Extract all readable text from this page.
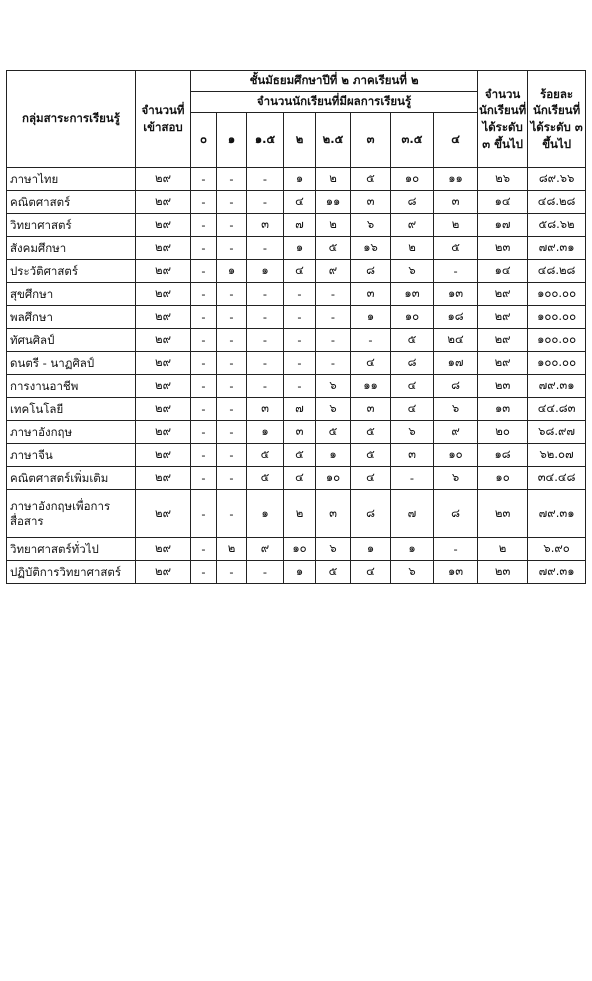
กลุ่มสาระการเรียนรู้	จำนวนที่เข้าสอบ	ชั้นมัธยมศึกษาปีที่ ๒ ภาคเรียนที่ ๒								จำนวนนักเรียนที่ได้ระดับ ๓ ขึ้นไป	ร้อยละนักเรียนที่ได้ระดับ ๓ ขึ้นไป
		จำนวนนักเรียนที่มีผลการเรียนรู้									
		๐	๑	๑.๕	๒	๒.๕	๓	๓.๕	๔		
ภาษาไทย	๒๙	-	-	-	๑	๒	๕	๑๐	๑๑	๒๖	๘๙.๖๖
คณิตศาสตร์	๒๙	-	-	-	๔	๑๑	๓	๘	๓	๑๔	๔๘.๒๘
วิทยาศาสตร์	๒๙	-	-	๓	๗	๒	๖	๙	๒	๑๗	๕๘.๖๒
สังคมศึกษา	๒๙	-	-	-	๑	๕	๑๖	๒	๕	๒๓	๗๙.๓๑
ประวัติศาสตร์	๒๙	-	๑	๑	๔	๙	๘	๖	-	๑๔	๔๘.๒๘
สุขศึกษา	๒๙	-	-	-	-	-	๓	๑๓	๑๓	๒๙	๑๐๐.๐๐
พลศึกษา	๒๙	-	-	-	-	-	๑	๑๐	๑๘	๒๙	๑๐๐.๐๐
ทัศนศิลป์	๒๙	-	-	-	-	-	-	๕	๒๔	๒๙	๑๐๐.๐๐
ดนตรี - นาฏศิลป์	๒๙	-	-	-	-	-	๔	๘	๑๗	๒๙	๑๐๐.๐๐
การงานอาชีพ	๒๙	-	-	-	-	๖	๑๑	๔	๘	๒๓	๗๙.๓๑
เทคโนโลยี	๒๙	-	-	๓	๗	๖	๓	๔	๖	๑๓	๔๔.๘๓
ภาษาอังกฤษ	๒๙	-	-	๑	๓	๕	๕	๖	๙	๒๐	๖๘.๙๗
ภาษาจีน	๒๙	-	-	๕	๕	๑	๕	๓	๑๐	๑๘	๖๒.๐๗
คณิตศาสตร์เพิ่มเติม	๒๙	-	-	๕	๔	๑๐	๔	-	๖	๑๐	๓๔.๔๘
ภาษาอังกฤษเพื่อการสื่อสาร	๒๙	-	-	๑	๒	๓	๘	๗	๘	๒๓	๗๙.๓๑
วิทยาศาสตร์ทั่วไป	๒๙	-	๒	๙	๑๐	๖	๑	๑	-	๒	๖.๙๐
ปฏิบัติการวิทยาศาสตร์	๒๙	-	-	-	๑	๕	๔	๖	๑๓	๒๓	๗๙.๓๑
